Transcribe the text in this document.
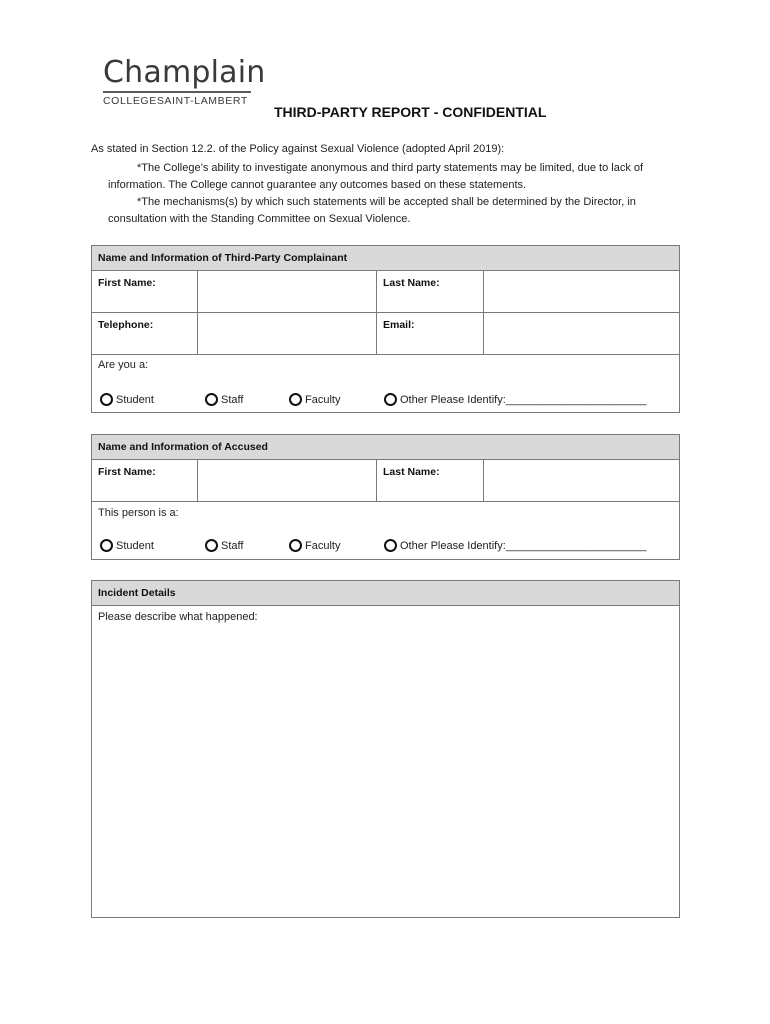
Champlain
COLLEGESAINT-LAMBERT
THIRD-PARTY REPORT - CONFIDENTIAL
As stated in Section 12.2. of the Policy against Sexual Violence (adopted April 2019):
*The College’s ability to investigate anonymous and third party statements may be limited, due to lack of
information. The College cannot guarantee any outcomes based on these statements.
*The mechanisms(s) by which such statements will be accepted shall be determined by the Director, in
consultation with the Standing Committee on Sexual Violence.
Name and Information of Third-Party Complainant
First Name:	Last Name:
Telephone:	Email:
Are you a:
Student	Staff	Faculty	Other Please Identify:_______________________
Name and Information of Accused
First Name:	Last Name:
This person is a:
Student	Staff	Faculty	Other Please Identify:_______________________
Incident Details
Please describe what happened:
